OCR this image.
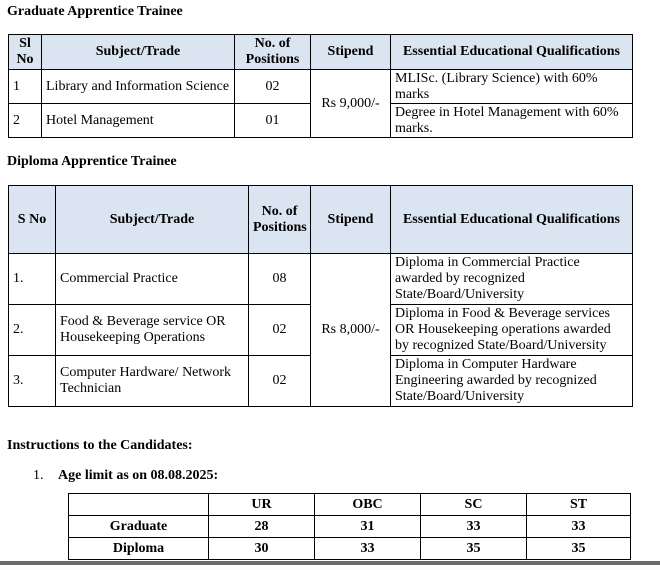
Graduate Apprentice Trainee
Sl No	Subject/Trade	No. of Positions	Stipend	Essential Educational Qualifications
1	Library and Information Science	02	Rs 9,000/-	MLISc. (Library Science) with 60% marks
2	Hotel Management	01		Degree in Hotel Management with 60% marks.
Diploma Apprentice Trainee
S No	Subject/Trade	No. of Positions	Stipend	Essential Educational Qualifications
1.	Commercial Practice	08	Rs 8,000/-	Diploma in Commercial Practice awarded by recognized State/Board/University
2.	Food & Beverage service OR Housekeeping Operations	02		Diploma in Food & Beverage services OR Housekeeping operations awarded by recognized State/Board/University
3.	Computer Hardware/ Network Technician	02		Diploma in Computer Hardware Engineering awarded by recognized State/Board/University
Instructions to the Candidates:
1. Age limit as on 08.08.2025:
	UR	OBC	SC	ST
Graduate	28	31	33	33
Diploma	30	33	35	35
